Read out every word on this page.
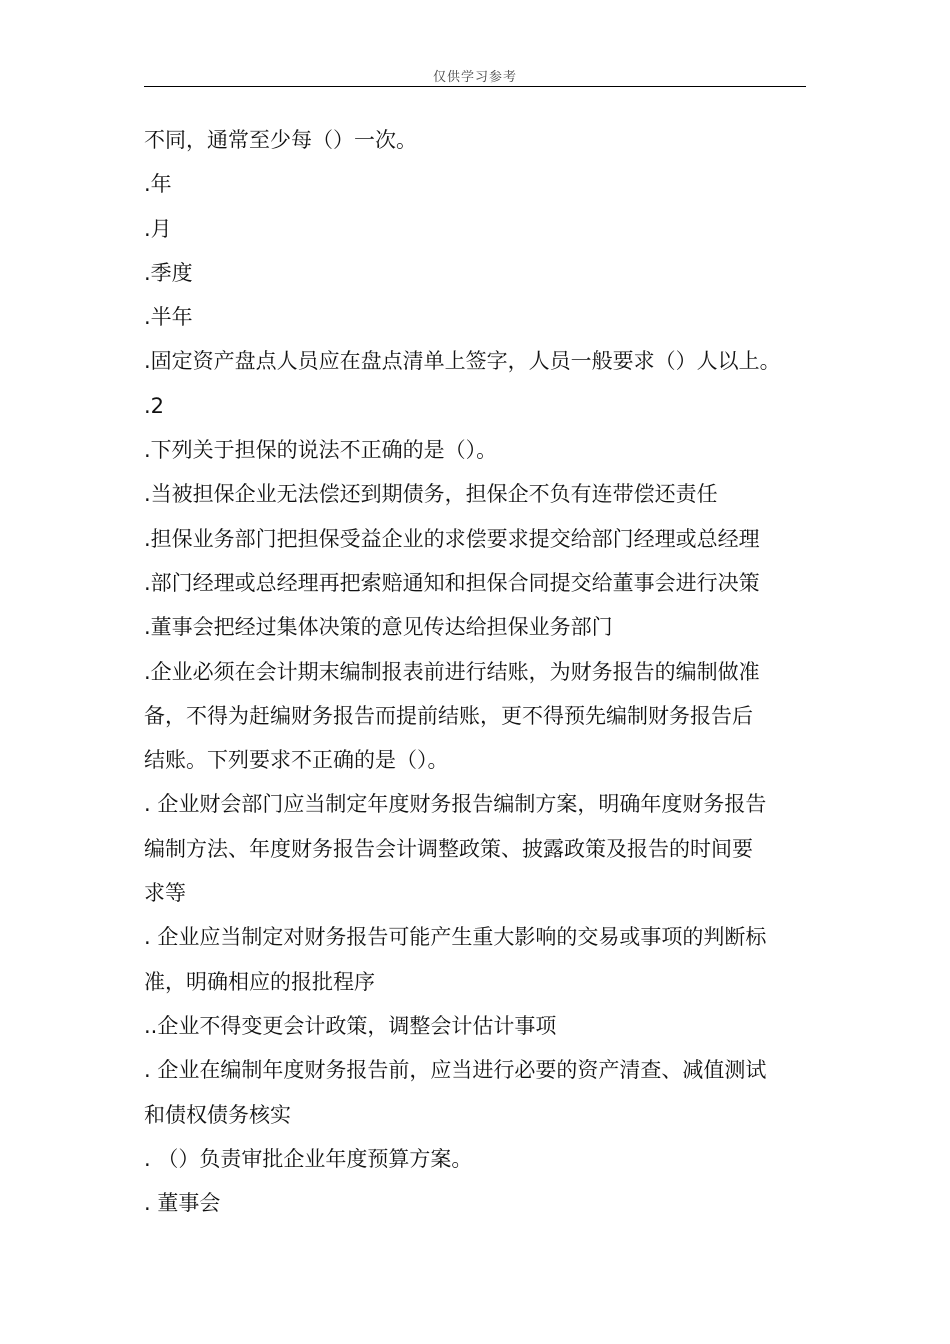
仅供学习参考
不同，通常至少每（）一次。
.年
.月
.季度
.半年
.固定资产盘点人员应在盘点清单上签字，人员一般要求（）人以上。
.2
.下列关于担保的说法不正确的是（）。
.当被担保企业无法偿还到期债务，担保企不负有连带偿还责任
.担保业务部门把担保受益企业的求偿要求提交给部门经理或总经理
.部门经理或总经理再把索赔通知和担保合同提交给董事会进行决策
.董事会把经过集体决策的意见传达给担保业务部门
.企业必须在会计期末编制报表前进行结账，为财务报告的编制做准
备，不得为赶编财务报告而提前结账，更不得预先编制财务报告后
结账。下列要求不正确的是（）。
. 企业财会部门应当制定年度财务报告编制方案，明确年度财务报告
编制方法、年度财务报告会计调整政策、披露政策及报告的时间要
求等
. 企业应当制定对财务报告可能产生重大影响的交易或事项的判断标
准，明确相应的报批程序
..企业不得变更会计政策，调整会计估计事项
. 企业在编制年度财务报告前，应当进行必要的资产清查、减值测试
和债权债务核实
. （）负责审批企业年度预算方案。
. 董事会
